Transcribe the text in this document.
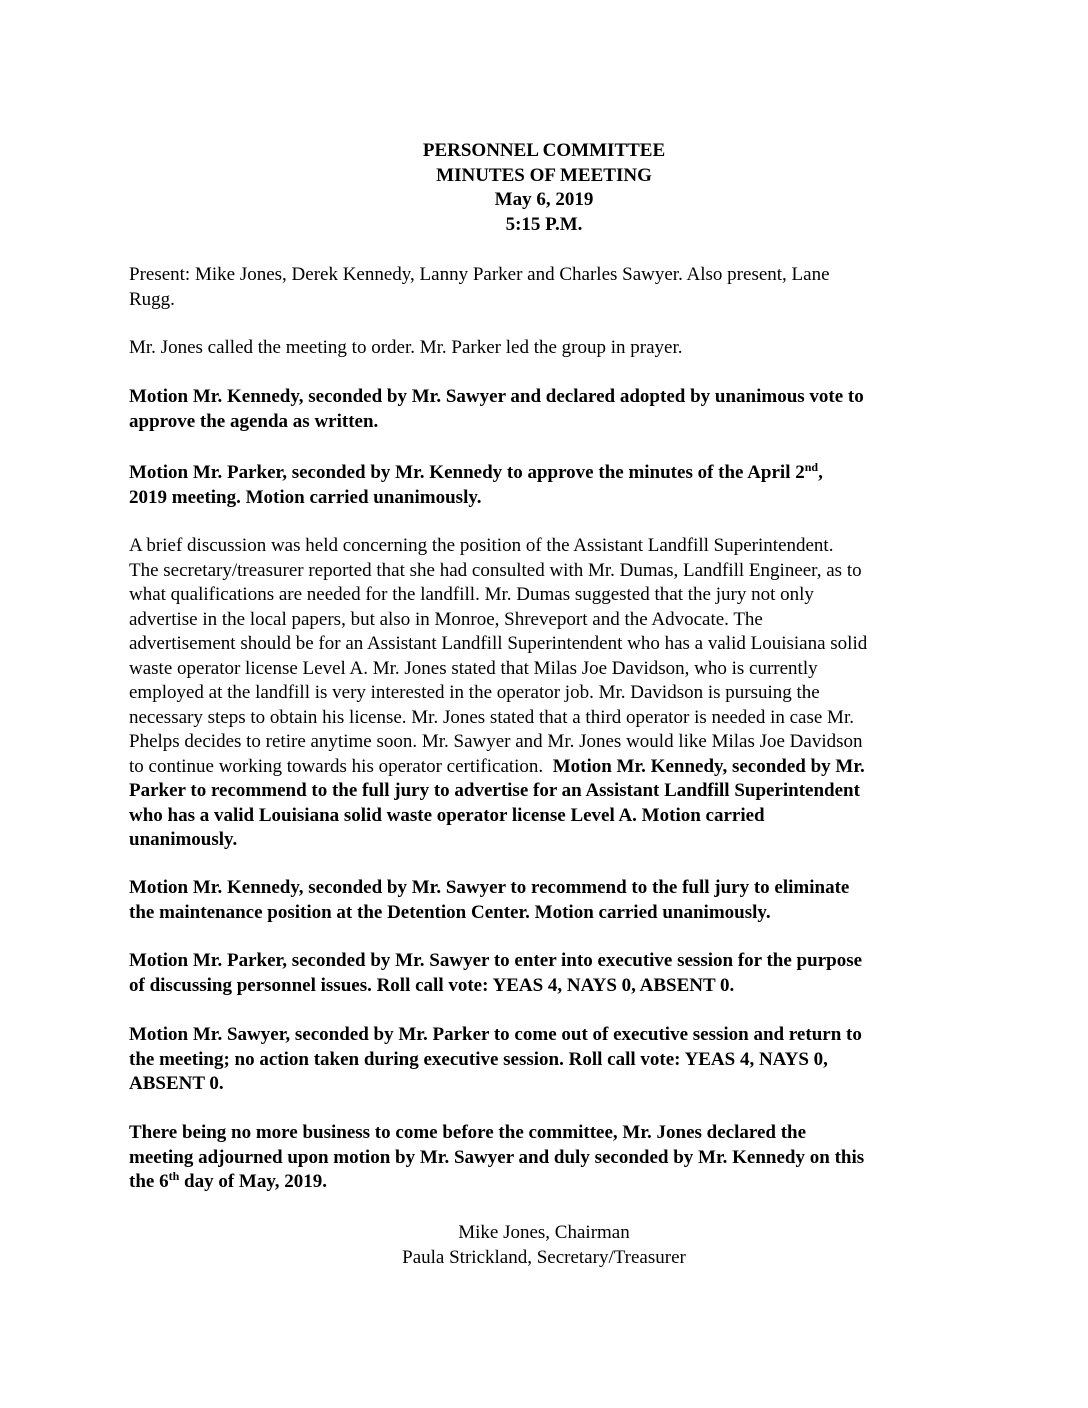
PERSONNEL COMMITTEE
MINUTES OF MEETING
May 6, 2019
5:15 P.M.
Present: Mike Jones, Derek Kennedy, Lanny Parker and Charles Sawyer. Also present, Lane
Rugg.
Mr. Jones called the meeting to order. Mr. Parker led the group in prayer.
Motion Mr. Kennedy, seconded by Mr. Sawyer and declared adopted by unanimous vote to
approve the agenda as written.
Motion Mr. Parker, seconded by Mr. Kennedy to approve the minutes of the April 2nd,
2019 meeting. Motion carried unanimously.
A brief discussion was held concerning the position of the Assistant Landfill Superintendent.
The secretary/treasurer reported that she had consulted with Mr. Dumas, Landfill Engineer, as to
what qualifications are needed for the landfill. Mr. Dumas suggested that the jury not only
advertise in the local papers, but also in Monroe, Shreveport and the Advocate. The
advertisement should be for an Assistant Landfill Superintendent who has a valid Louisiana solid
waste operator license Level A. Mr. Jones stated that Milas Joe Davidson, who is currently
employed at the landfill is very interested in the operator job. Mr. Davidson is pursuing the
necessary steps to obtain his license. Mr. Jones stated that a third operator is needed in case Mr.
Phelps decides to retire anytime soon. Mr. Sawyer and Mr. Jones would like Milas Joe Davidson
to continue working towards his operator certification.  Motion Mr. Kennedy, seconded by Mr.
Parker to recommend to the full jury to advertise for an Assistant Landfill Superintendent
who has a valid Louisiana solid waste operator license Level A. Motion carried
unanimously.
Motion Mr. Kennedy, seconded by Mr. Sawyer to recommend to the full jury to eliminate
the maintenance position at the Detention Center. Motion carried unanimously.
Motion Mr. Parker, seconded by Mr. Sawyer to enter into executive session for the purpose
of discussing personnel issues. Roll call vote: YEAS 4, NAYS 0, ABSENT 0.
Motion Mr. Sawyer, seconded by Mr. Parker to come out of executive session and return to
the meeting; no action taken during executive session. Roll call vote: YEAS 4, NAYS 0,
ABSENT 0.
There being no more business to come before the committee, Mr. Jones declared the
meeting adjourned upon motion by Mr. Sawyer and duly seconded by Mr. Kennedy on this
the 6th day of May, 2019.
Mike Jones, Chairman
Paula Strickland, Secretary/Treasurer
